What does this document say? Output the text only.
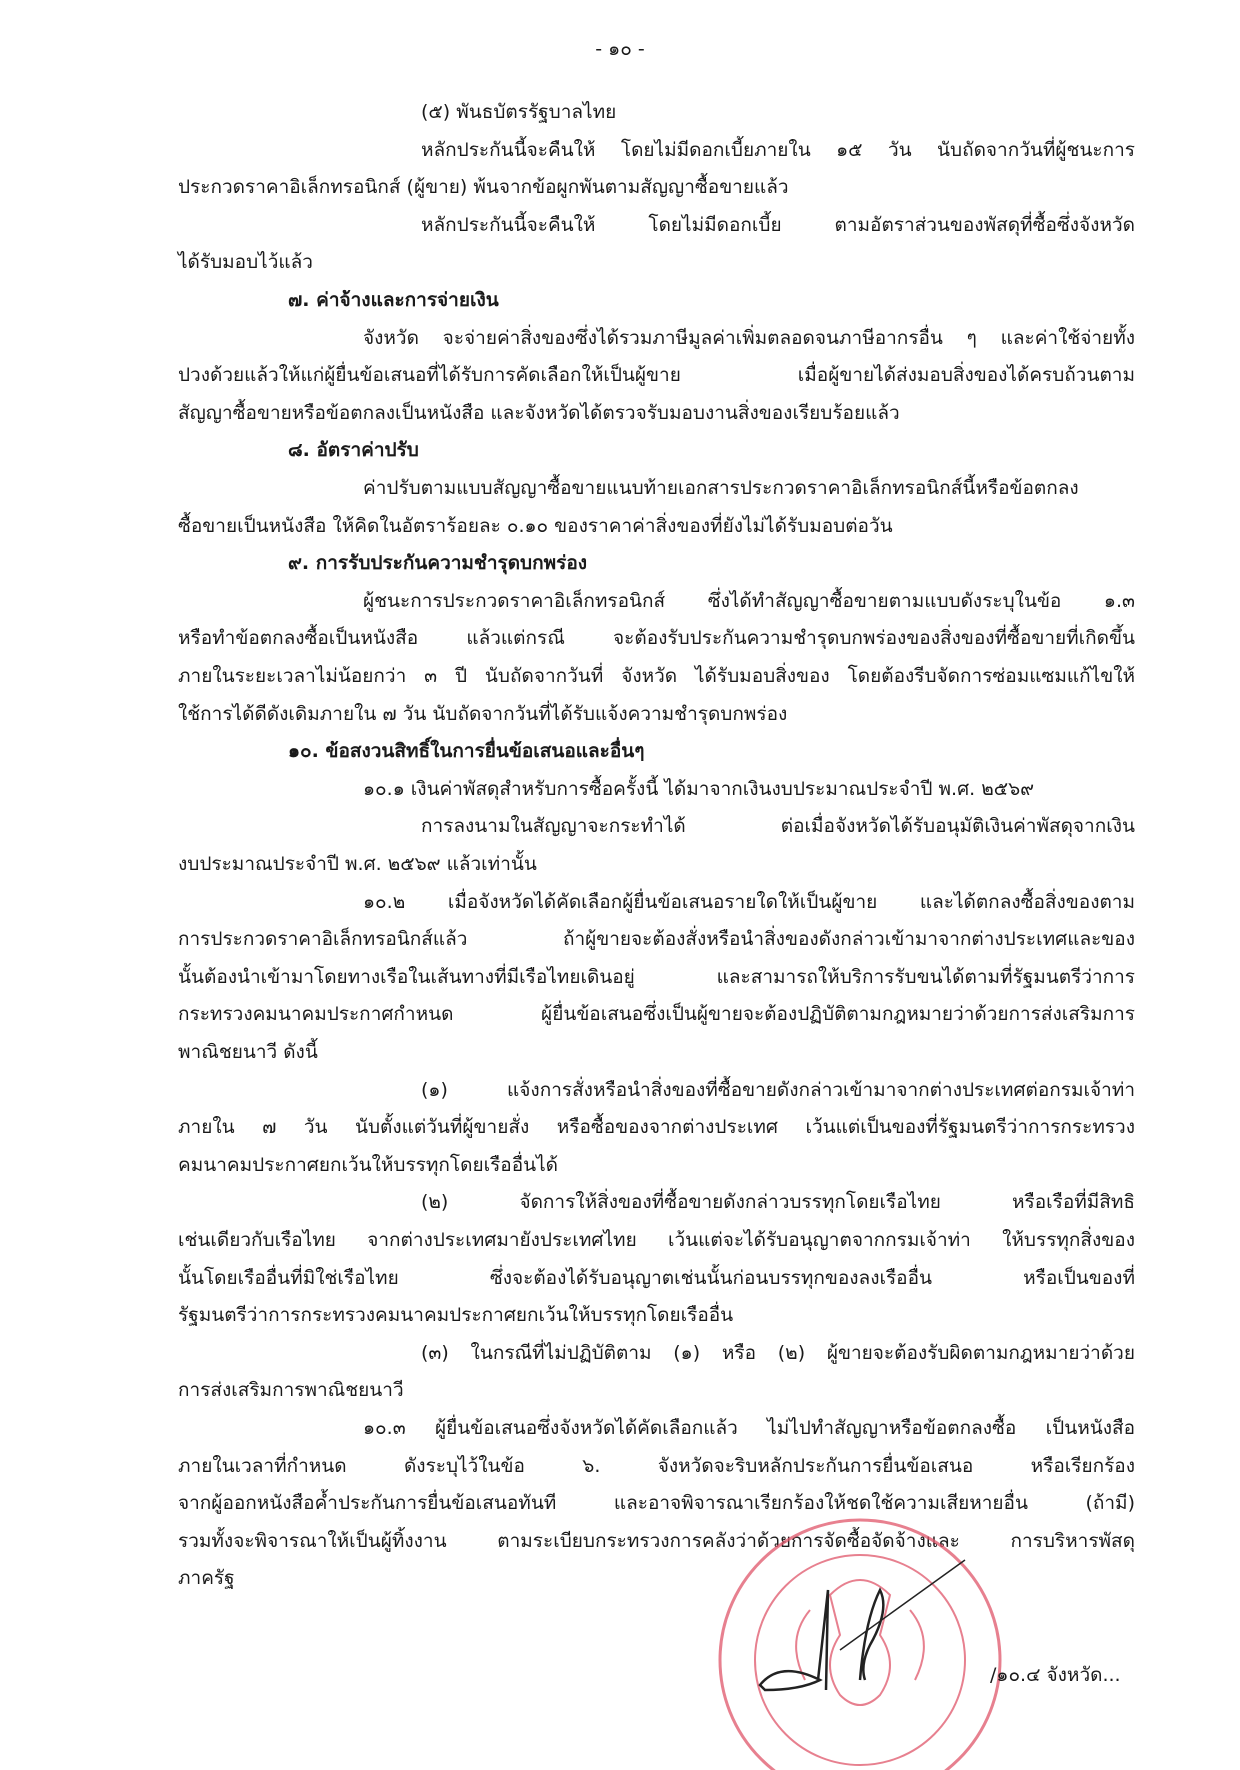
- ๑๐ -
(๕) พันธบัตรรัฐบาลไทย
หลักประกันนี้จะคืนให้ โดยไม่มีดอกเบี้ยภายใน ๑๕ วัน นับถัดจากวันที่ผู้ชนะการ
ประกวดราคาอิเล็กทรอนิกส์ (ผู้ขาย) พ้นจากข้อผูกพันตามสัญญาซื้อขายแล้ว
หลักประกันนี้จะคืนให้ โดยไม่มีดอกเบี้ย ตามอัตราส่วนของพัสดุที่ซื้อซึ่งจังหวัด
ได้รับมอบไว้แล้ว
๗. ค่าจ้างและการจ่ายเงิน
จังหวัด จะจ่ายค่าสิ่งของซึ่งได้รวมภาษีมูลค่าเพิ่มตลอดจนภาษีอากรอื่น ๆ และค่าใช้จ่ายทั้ง
ปวงด้วยแล้วให้แก่ผู้ยื่นข้อเสนอที่ได้รับการคัดเลือกให้เป็นผู้ขาย เมื่อผู้ขายได้ส่งมอบสิ่งของได้ครบถ้วนตาม
สัญญาซื้อขายหรือข้อตกลงเป็นหนังสือ และจังหวัดได้ตรวจรับมอบงานสิ่งของเรียบร้อยแล้ว
๘. อัตราค่าปรับ
ค่าปรับตามแบบสัญญาซื้อขายแนบท้ายเอกสารประกวดราคาอิเล็กทรอนิกส์นี้หรือข้อตกลง
ซื้อขายเป็นหนังสือ ให้คิดในอัตราร้อยละ ๐.๑๐ ของราคาค่าสิ่งของที่ยังไม่ได้รับมอบต่อวัน
๙. การรับประกันความชำรุดบกพร่อง
ผู้ชนะการประกวดราคาอิเล็กทรอนิกส์ ซึ่งได้ทำสัญญาซื้อขายตามแบบดังระบุในข้อ ๑.๓
หรือทำข้อตกลงซื้อเป็นหนังสือ แล้วแต่กรณี จะต้องรับประกันความชำรุดบกพร่องของสิ่งของที่ซื้อขายที่เกิดขึ้น
ภายในระยะเวลาไม่น้อยกว่า ๓ ปี นับถัดจากวันที่ จังหวัด ได้รับมอบสิ่งของ โดยต้องรีบจัดการซ่อมแซมแก้ไขให้
ใช้การได้ดีดังเดิมภายใน ๗ วัน นับถัดจากวันที่ได้รับแจ้งความชำรุดบกพร่อง
๑๐. ข้อสงวนสิทธิ์ในการยื่นข้อเสนอและอื่นๆ
๑๐.๑ เงินค่าพัสดุสำหรับการซื้อครั้งนี้ ได้มาจากเงินงบประมาณประจำปี พ.ศ. ๒๕๖๙
การลงนามในสัญญาจะกระทำได้ ต่อเมื่อจังหวัดได้รับอนุมัติเงินค่าพัสดุจากเงิน
งบประมาณประจำปี พ.ศ. ๒๕๖๙ แล้วเท่านั้น
๑๐.๒ เมื่อจังหวัดได้คัดเลือกผู้ยื่นข้อเสนอรายใดให้เป็นผู้ขาย และได้ตกลงซื้อสิ่งของตาม
การประกวดราคาอิเล็กทรอนิกส์แล้ว ถ้าผู้ขายจะต้องสั่งหรือนำสิ่งของดังกล่าวเข้ามาจากต่างประเทศและของ
นั้นต้องนำเข้ามาโดยทางเรือในเส้นทางที่มีเรือไทยเดินอยู่ และสามารถให้บริการรับขนได้ตามที่รัฐมนตรีว่าการ
กระทรวงคมนาคมประกาศกำหนด ผู้ยื่นข้อเสนอซึ่งเป็นผู้ขายจะต้องปฏิบัติตามกฎหมายว่าด้วยการส่งเสริมการ
พาณิชยนาวี ดังนี้
(๑) แจ้งการสั่งหรือนำสิ่งของที่ซื้อขายดังกล่าวเข้ามาจากต่างประเทศต่อกรมเจ้าท่า
ภายใน ๗ วัน นับตั้งแต่วันที่ผู้ขายสั่ง หรือซื้อของจากต่างประเทศ เว้นแต่เป็นของที่รัฐมนตรีว่าการกระทรวง
คมนาคมประกาศยกเว้นให้บรรทุกโดยเรืออื่นได้
(๒) จัดการให้สิ่งของที่ซื้อขายดังกล่าวบรรทุกโดยเรือไทย หรือเรือที่มีสิทธิ
เช่นเดียวกับเรือไทย จากต่างประเทศมายังประเทศไทย เว้นแต่จะได้รับอนุญาตจากกรมเจ้าท่า ให้บรรทุกสิ่งของ
นั้นโดยเรืออื่นที่มิใช่เรือไทย ซึ่งจะต้องได้รับอนุญาตเช่นนั้นก่อนบรรทุกของลงเรืออื่น หรือเป็นของที่
รัฐมนตรีว่าการกระทรวงคมนาคมประกาศยกเว้นให้บรรทุกโดยเรืออื่น
(๓) ในกรณีที่ไม่ปฏิบัติตาม (๑) หรือ (๒) ผู้ขายจะต้องรับผิดตามกฎหมายว่าด้วย
การส่งเสริมการพาณิชยนาวี
๑๐.๓ ผู้ยื่นข้อเสนอซึ่งจังหวัดได้คัดเลือกแล้ว ไม่ไปทำสัญญาหรือข้อตกลงซื้อ เป็นหนังสือ
ภายในเวลาที่กำหนด ดังระบุไว้ในข้อ ๖. จังหวัดจะริบหลักประกันการยื่นข้อเสนอ หรือเรียกร้อง
จากผู้ออกหนังสือค้ำประกันการยื่นข้อเสนอทันที และอาจพิจารณาเรียกร้องให้ชดใช้ความเสียหายอื่น (ถ้ามี)
รวมทั้งจะพิจารณาให้เป็นผู้ทิ้งงาน ตามระเบียบกระทรวงการคลังว่าด้วยการจัดซื้อจัดจ้างและ การบริหารพัสดุ
ภาครัฐ
/๑๐.๔ จังหวัด...
